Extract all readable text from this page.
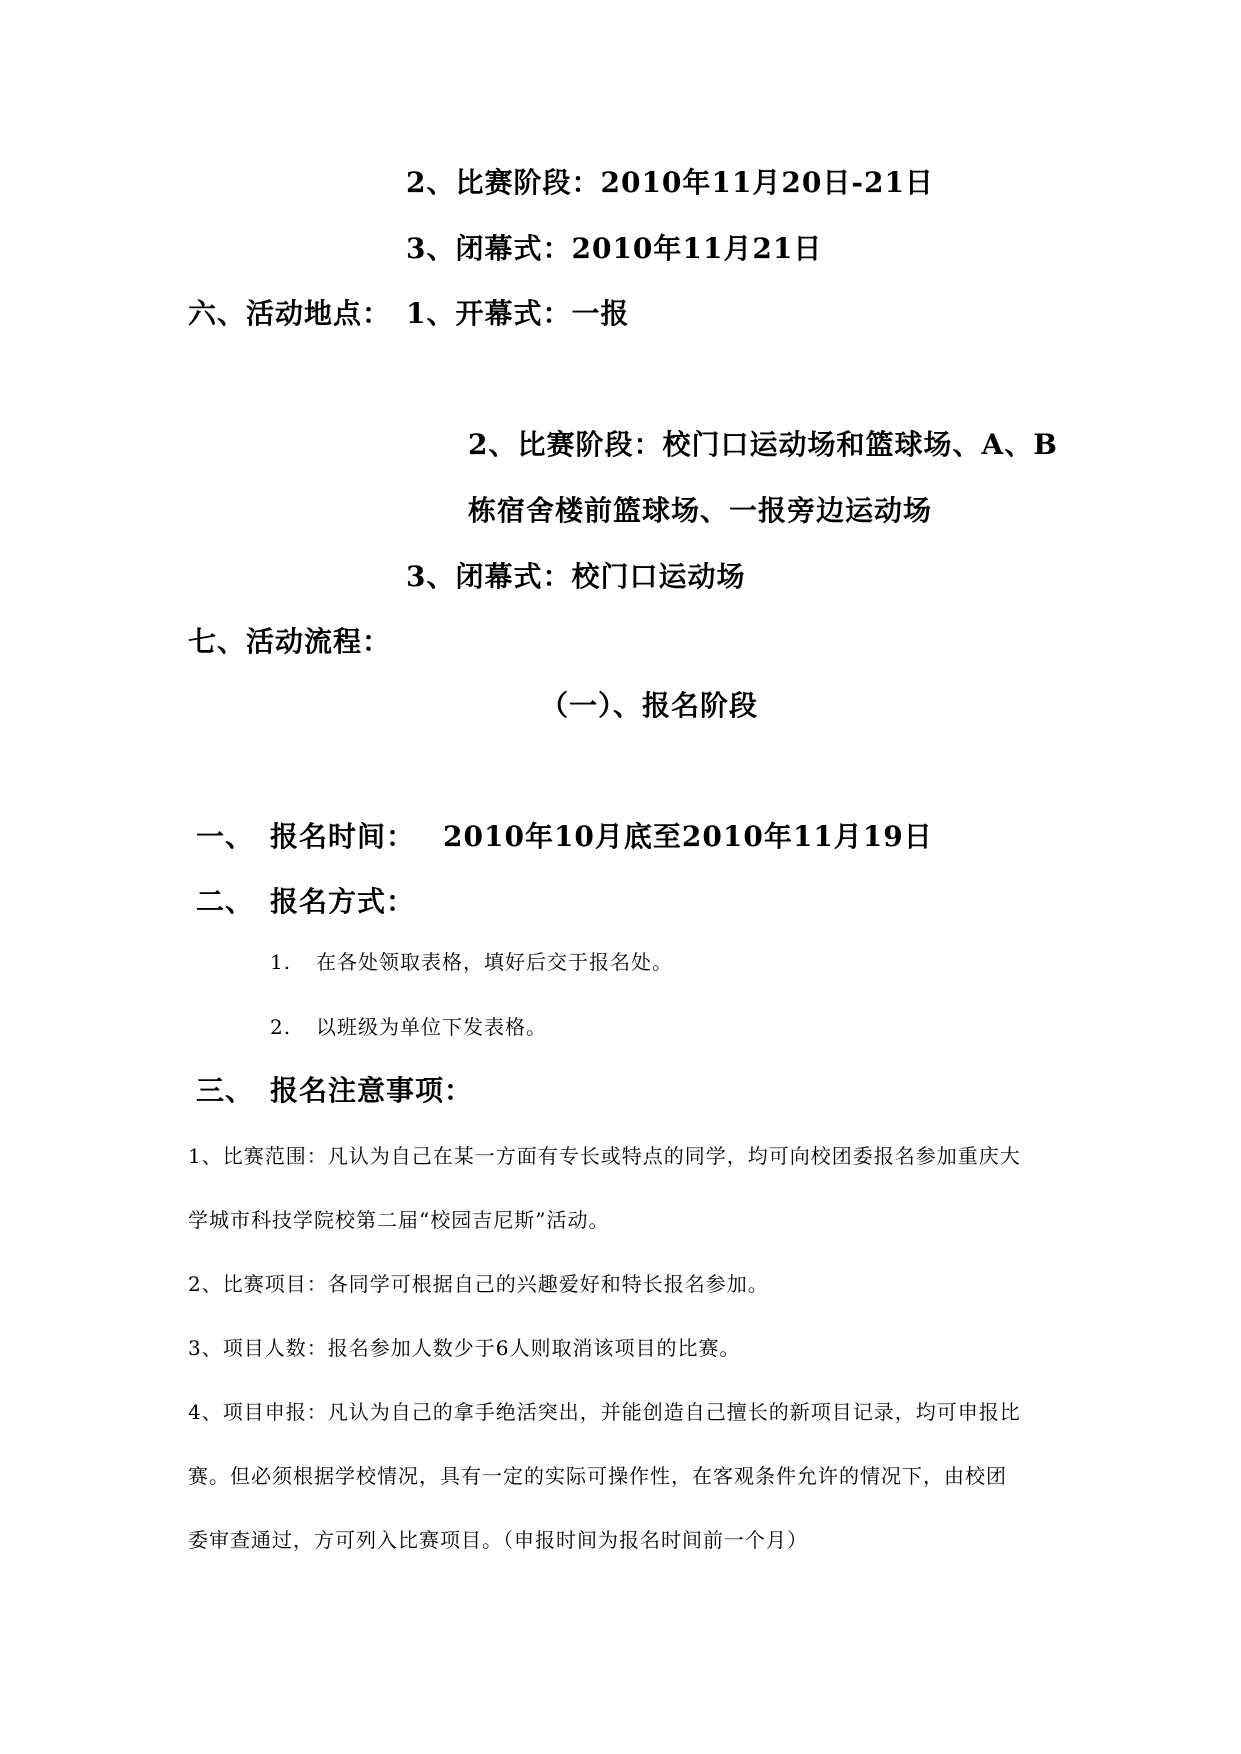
2、比赛阶段：2010年11月20日-21日
3、闭幕式：2010年11月21日
六、活动地点： 1、开幕式：一报
2、比赛阶段：校门口运动场和篮球场、A、B
栋宿舍楼前篮球场、一报旁边运动场
3、闭幕式：校门口运动场
七、活动流程：
（一）、报名阶段
一、 报名时间： 2010年10月底至2010年11月19日
二、 报名方式：
1. 在各处领取表格，填好后交于报名处。
2. 以班级为单位下发表格。
三、 报名注意事项：
1、比赛范围：凡认为自己在某一方面有专长或特点的同学，均可向校团委报名参加重庆大
学城市科技学院校第二届“校园吉尼斯”活动。
2、比赛项目：各同学可根据自己的兴趣爱好和特长报名参加。
3、项目人数：报名参加人数少于6人则取消该项目的比赛。
4、项目申报：凡认为自己的拿手绝活突出，并能创造自己擅长的新项目记录，均可申报比
赛。但必须根据学校情况，具有一定的实际可操作性，在客观条件允许的情况下，由校团
委审查通过，方可列入比赛项目。（申报时间为报名时间前一个月）
